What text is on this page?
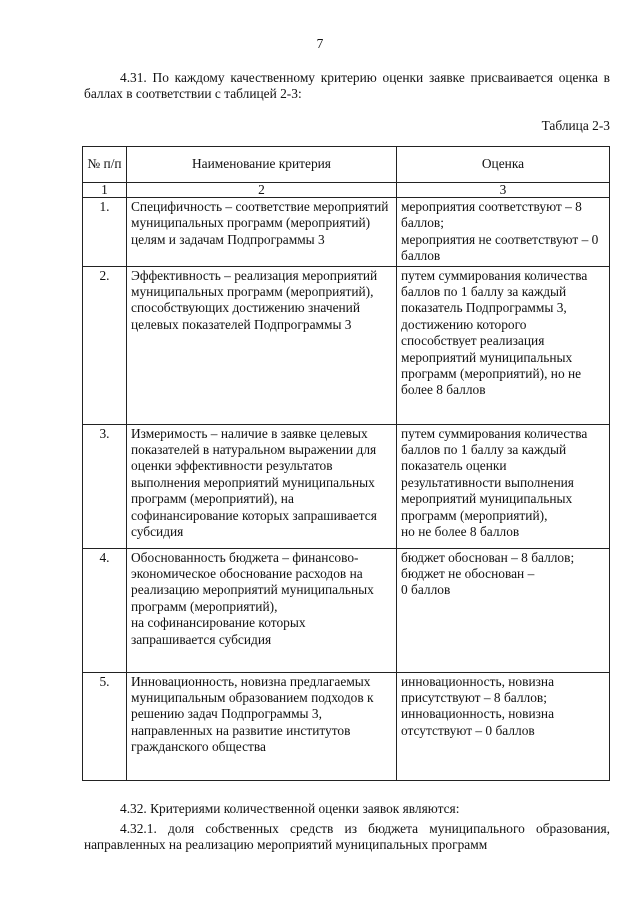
7

4.31. По каждому качественному критерию оценки заявке присваивается оценка в баллах в соответствии с таблицей 2-3:

Таблица 2-3
№ п/п	Наименование критерия	Оценка
1	2	3
1.	Специфичность – соответствие мероприятий муниципальных программ (мероприятий) целям и задачам Подпрограммы 3	мероприятия соответствуют – 8 баллов;
мероприятия не соответствуют – 0 баллов
2.	Эффективность – реализация мероприятий муниципальных программ (мероприятий), способствующих достижению значений целевых показателей Подпрограммы 3	путем суммирования количества баллов по 1 баллу за каждый показатель Подпрограммы 3, достижению которого способствует реализация мероприятий муниципальных программ (мероприятий), но не более 8 баллов
3.	Измеримость – наличие в заявке целевых показателей в натуральном выражении для оценки эффективности результатов выполнения мероприятий муниципальных программ (мероприятий), на софинансирование которых запрашивается субсидия	путем суммирования количества баллов по 1 баллу за каждый показатель оценки результативности выполнения мероприятий муниципальных программ (мероприятий),
но не более 8 баллов
4.	Обоснованность бюджета – финансово-экономическое обоснование расходов на реализацию мероприятий муниципальных программ (мероприятий),
на софинансирование которых запрашивается субсидия	бюджет обоснован – 8 баллов;
бюджет не обоснован –
0 баллов
5.	Инновационность, новизна предлагаемых муниципальным образованием подходов к решению задач Подпрограммы 3, направленных на развитие институтов гражданского общества	инновационность, новизна присутствуют – 8 баллов;
инновационность, новизна отсутствуют – 0 баллов

4.32. Критериями количественной оценки заявок являются:

4.32.1. доля собственных средств из бюджета муниципального образования, направленных на реализацию мероприятий муниципальных программ
